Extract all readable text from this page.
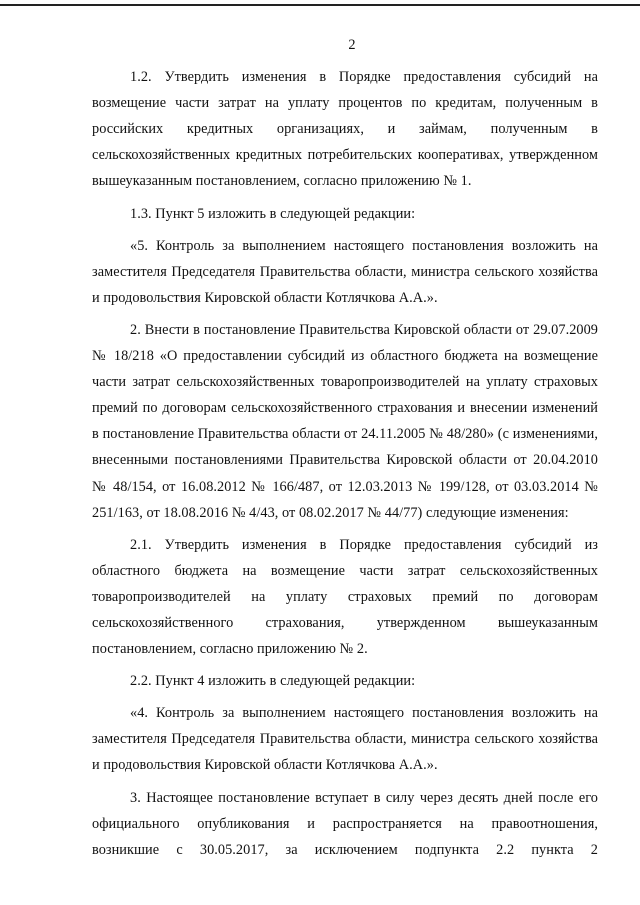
2

1.2. Утвердить изменения в Порядке предоставления субсидий на возмещение части затрат на уплату процентов по кредитам, полученным в российских кредитных организациях, и займам, полученным в сельскохозяйственных кредитных потребительских кооперативах, утвержденном вышеуказанным постановлением, согласно приложению № 1.

1.3. Пункт 5 изложить в следующей редакции:

«5. Контроль за выполнением настоящего постановления возложить на заместителя Председателя Правительства области, министра сельского хозяйства и продовольствия Кировской области Котлячкова А.А.».

2. Внести в постановление Правительства Кировской области от 29.07.2009 № 18/218 «О предоставлении субсидий из областного бюджета на возмещение части затрат сельскохозяйственных товаропроизводителей на уплату страховых премий по договорам сельскохозяйственного страхования и внесении изменений в постановление Правительства области от 24.11.2005 № 48/280» (с изменениями, внесенными постановлениями Правительства Кировской области от 20.04.2010 № 48/154, от 16.08.2012 № 166/487, от 12.03.2013 № 199/128, от 03.03.2014 № 251/163, от 18.08.2016 № 4/43, от 08.02.2017 № 44/77) следующие изменения:

2.1. Утвердить изменения в Порядке предоставления субсидий из областного бюджета на возмещение части затрат сельскохозяйственных товаропроизводителей на уплату страховых премий по договорам сельскохозяйственного страхования, утвержденном вышеуказанным постановлением, согласно приложению № 2.

2.2. Пункт 4 изложить в следующей редакции:

«4. Контроль за выполнением настоящего постановления возложить на заместителя Председателя Правительства области, министра сельского хозяйства и продовольствия Кировской области Котлячкова А.А.».

3. Настоящее постановление вступает в силу через десять дней после его официального опубликования и распространяется на правоотношения, возникшие с 30.05.2017, за исключением подпункта 2.2 пункта 2
